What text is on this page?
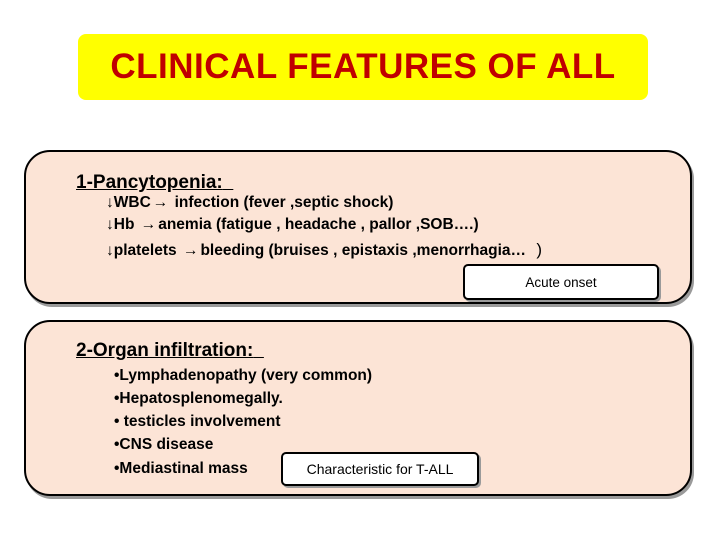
CLINICAL FEATURES OF ALL
1-Pancytopenia:
↓WBC → infection (fever ,septic shock)
↓Hb → anemia (fatigue , headache , pallor ,SOB….)
↓platelets → bleeding (bruises , epistaxis ,menorrhagia… )
Acute onset
2-Organ infiltration:
•Lymphadenopathy (very common)
•Hepatosplenomegally.
• testicles involvement
•CNS disease
•Mediastinal mass	Characteristic for T-ALL
